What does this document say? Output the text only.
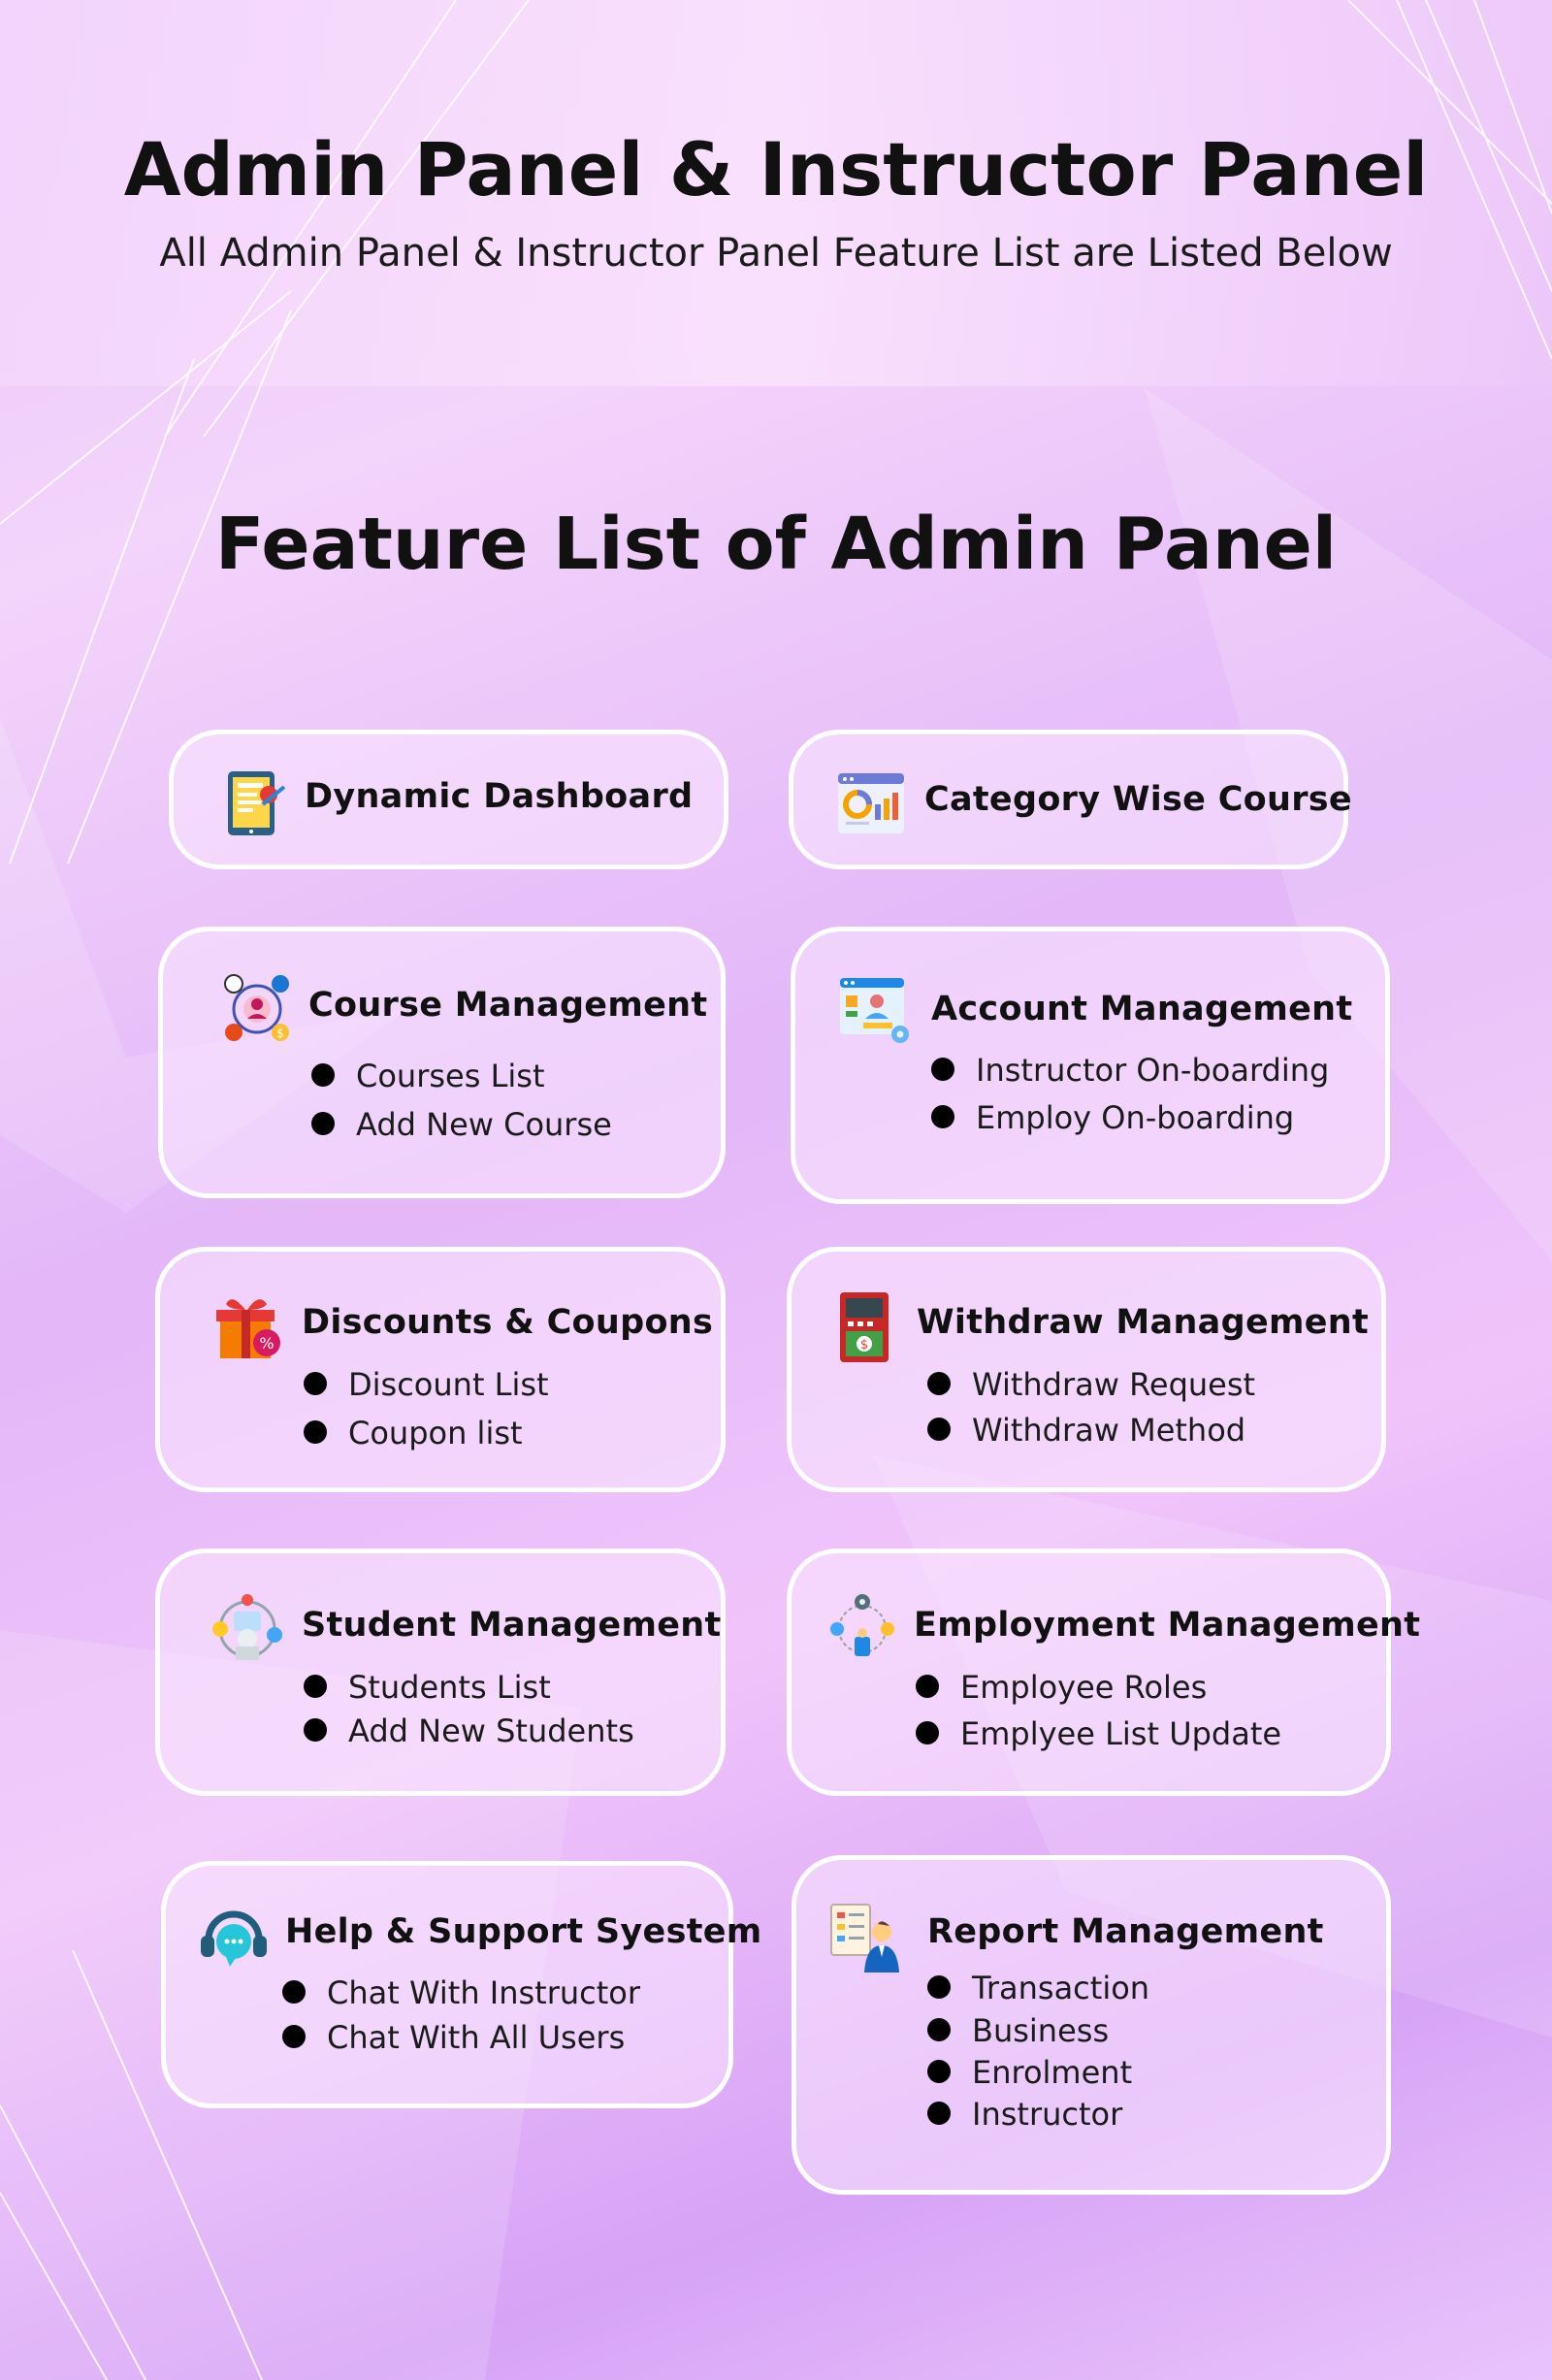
Admin Panel & Instructor Panel

All Admin Panel & Instructor Panel Feature List are Listed Below

Feature List of Admin Panel
Dynamic Dashboard	Category Wise Course
$
Course Management
Courses List
Add New Course
Account Management
Instructor On-boarding
Employ On-boarding
%
Discounts & Coupons
Discount List
Coupon list
$
Withdraw Management
Withdraw Request
Withdraw Method
Student Management
Students List
Add New Students
Employment Management
Employee Roles
Emplyee List Update
Help & Support Syestem
Chat With Instructor
Chat With All Users
Report Management
Transaction
Business
Enrolment
Instructor
